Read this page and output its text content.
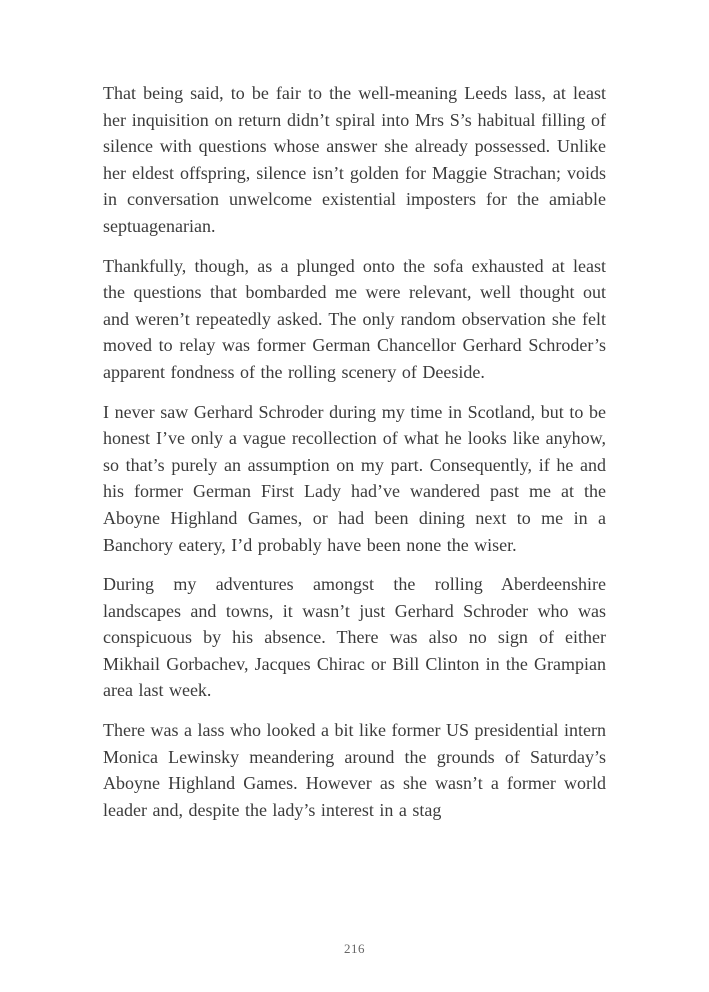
That being said, to be fair to the well-meaning Leeds lass, at least her inquisition on return didn’t spiral into Mrs S’s habitual filling of silence with questions whose answer she already possessed. Unlike her eldest offspring, silence isn’t golden for Maggie Strachan; voids in conversation unwelcome existential imposters for the amiable septuagenarian.

Thankfully, though, as a plunged onto the sofa exhausted at least the questions that bombarded me were relevant, well thought out and weren’t repeatedly asked. The only random observation she felt moved to relay was former German Chancellor Gerhard Schroder’s apparent fondness of the rolling scenery of Deeside.

I never saw Gerhard Schroder during my time in Scotland, but to be honest I’ve only a vague recollection of what he looks like anyhow, so that’s purely an assumption on my part. Consequently, if he and his former German First Lady had’ve wandered past me at the Aboyne Highland Games, or had been dining next to me in a Banchory eatery, I’d probably have been none the wiser.

During my adventures amongst the rolling Aberdeenshire landscapes and towns, it wasn’t just Gerhard Schroder who was conspicuous by his absence. There was also no sign of either Mikhail Gorbachev, Jacques Chirac or Bill Clinton in the Grampian area last week.

There was a lass who looked a bit like former US presidential intern Monica Lewinsky meandering around the grounds of Saturday’s Aboyne Highland Games. However as she wasn’t a former world leader and, despite the lady’s interest in a stag

216
